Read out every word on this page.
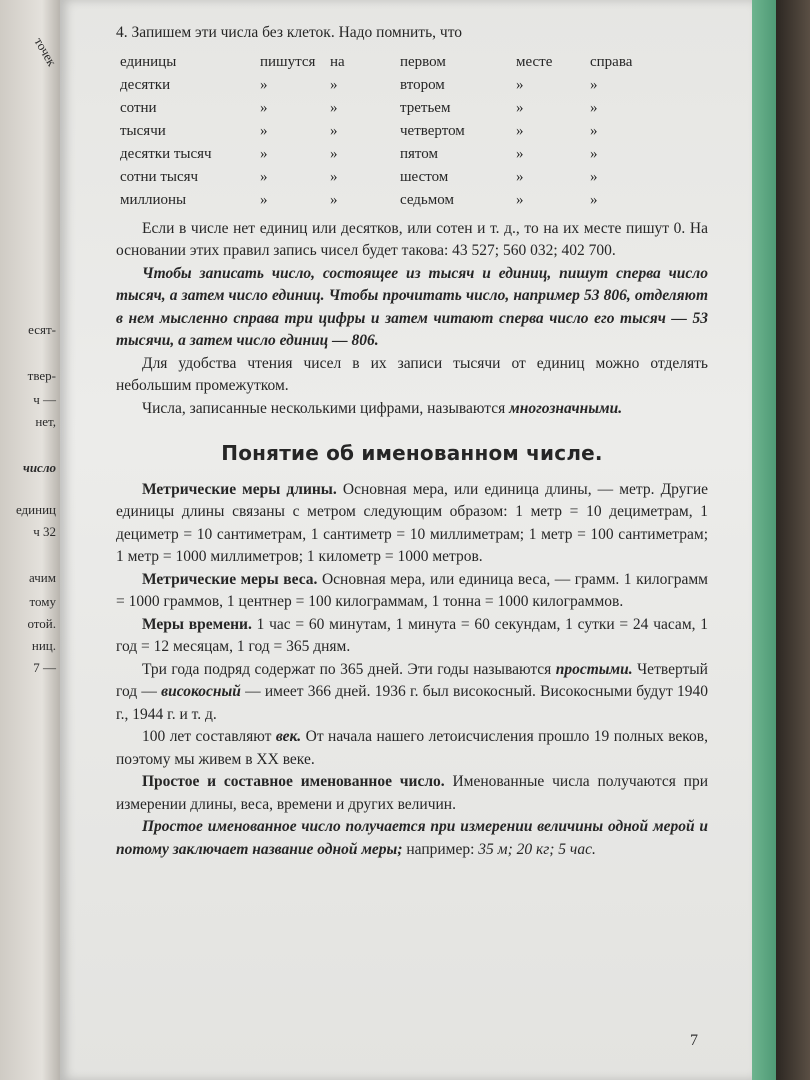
точек
есят-
твер-
ч —
нет,
число
единиц
ч 32
ачим
тому
отой.
ниц.
7 —

4. Запишем эти числа без клеток. Надо помнить, что

единицы	пишутся на	первом	месте	справа
десятки	»	»	втором	»	»
сотни	»	»	третьем	»	»
тысячи	»	»	четвертом	»	»
десятки тысяч	»	»	пятом	»	»
сотни тысяч	»	»	шестом	»	»
миллионы	»	»	седьмом	»	»

Если в числе нет единиц или десятков, или сотен и т. д., то на их месте пишут 0. На основании этих правил запись чисел будет такова: 43 527; 560 032; 402 700.

Чтобы записать число, состоящее из тысяч и единиц, пишут сперва число тысяч, а затем число единиц. Чтобы прочитать число, например 53 806, отделяют в нем мысленно справа три цифры и затем читают сперва число его тысяч — 53 тысячи, а затем число единиц — 806.

Для удобства чтения чисел в их записи тысячи от единиц можно отделять небольшим промежутком.

Числа, записанные несколькими цифрами, называются многозначными.

Понятие об именованном числе.

Метрические меры длины. Основная мера, или единица длины, — метр. Другие единицы длины связаны с метром следующим образом: 1 метр = 10 дециметрам, 1 дециметр = 10 сантиметрам, 1 сантиметр = 10 миллиметрам; 1 метр = 100 сантиметрам; 1 метр = 1000 миллиметров; 1 километр = 1000 метров.

Метрические меры веса. Основная мера, или единица веса, — грамм. 1 килограмм = 1000 граммов, 1 центнер = 100 килограммам, 1 тонна = 1000 килограммов.

Меры времени. 1 час = 60 минутам, 1 минута = 60 секундам, 1 сутки = 24 часам, 1 год = 12 месяцам, 1 год = 365 дням.

Три года подряд содержат по 365 дней. Эти годы называются простыми. Четвертый год — високосный — имеет 366 дней. 1936 г. был високосный. Високосными будут 1940 г., 1944 г. и т. д.

100 лет составляют век. От начала нашего летоисчисления прошло 19 полных веков, поэтому мы живем в XX веке.

Простое и составное именованное число. Именованные числа получаются при измерении длины, веса, времени и других величин.

Простое именованное число получается при измерении величины одной мерой и потому заключает название одной меры; например: 35 м; 20 кг; 5 час.

7
